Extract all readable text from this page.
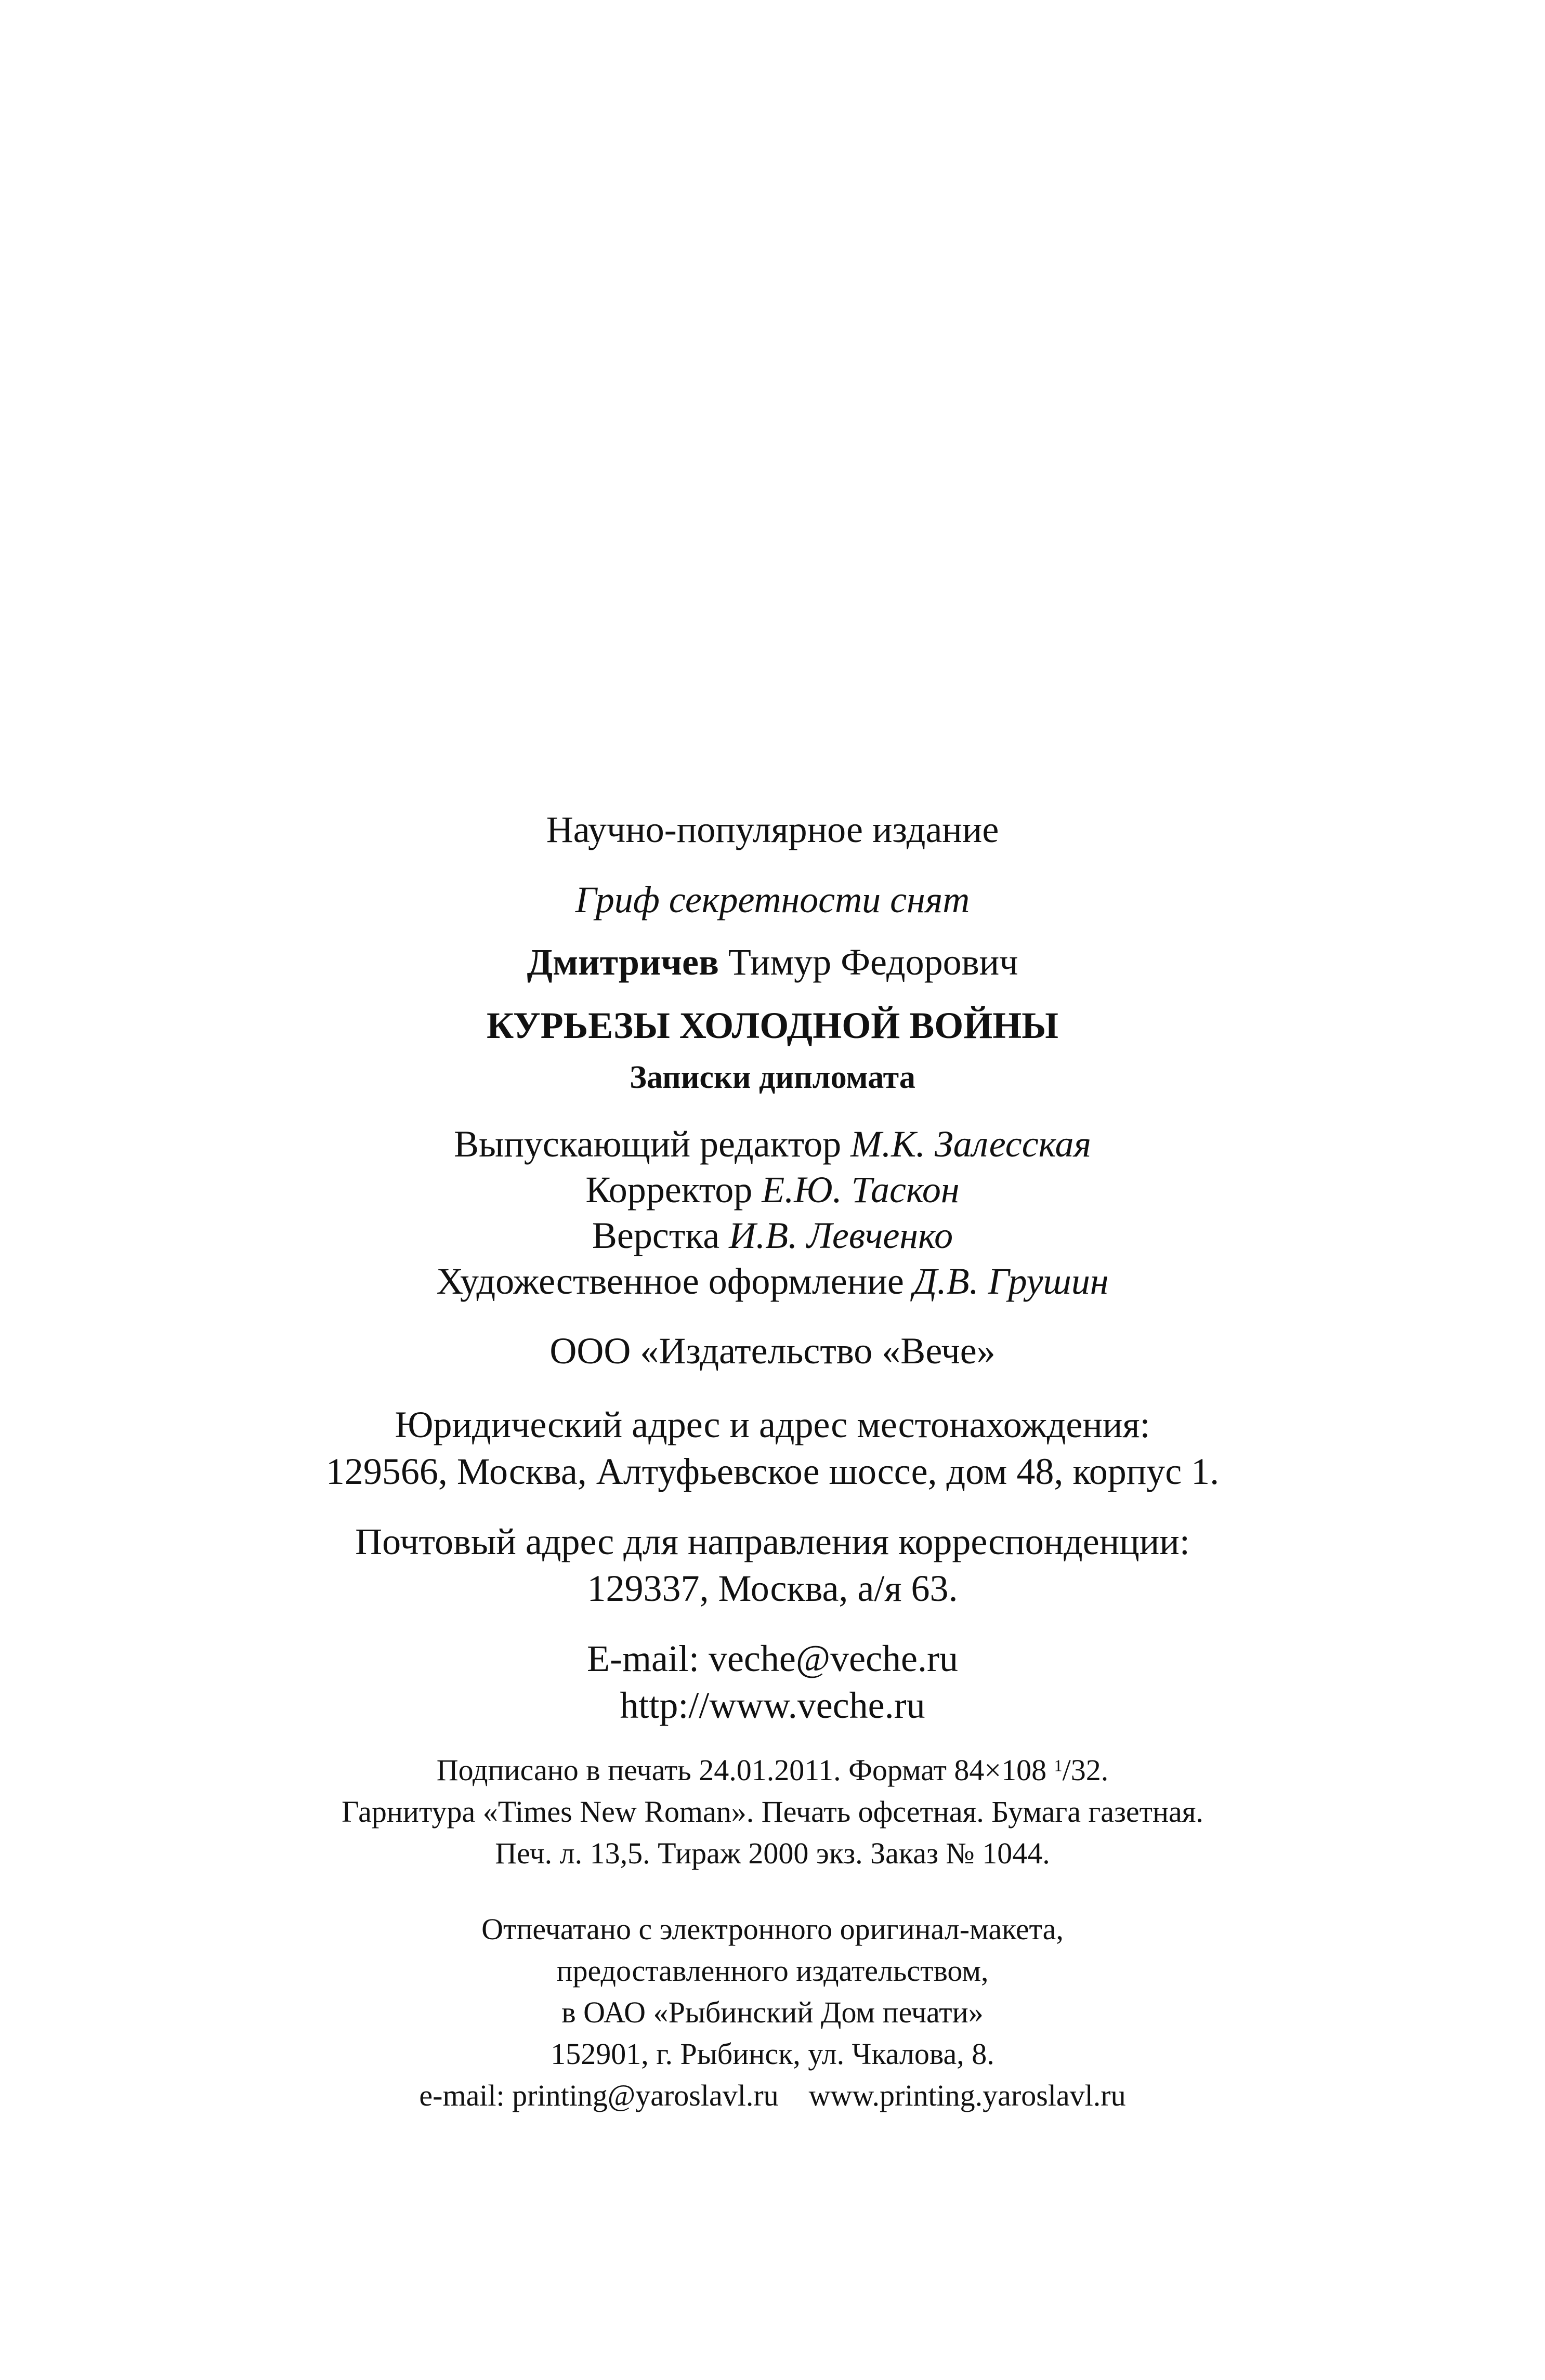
Научно-популярное издание
Гриф секретности снят
Дмитричев Тимур Федорович
КУРЬЕЗЫ ХОЛОДНОЙ ВОЙНЫ
Записки дипломата
Выпускающий редактор М.К. Залесская
Корректор Е.Ю. Таскон
Верстка И.В. Левченко
Художественное оформление Д.В. Грушин
ООО «Издательство «Вече»
Юридический адрес и адрес местонахождения:
129566, Москва, Алтуфьевское шоссе, дом 48, корпус 1.
Почтовый адрес для направления корреспонденции:
129337, Москва, а/я 63.
E-mail: veche@veche.ru
http://www.veche.ru
Подписано в печать 24.01.2011. Формат 84×108 $^1$/32.
Гарнитура «Times New Roman». Печать офсетная. Бумага газетная.
Печ. л. 13,5. Тираж 2000 экз. Заказ № 1044.
Отпечатано с электронного оригинал-макета,
предоставленного издательством,
в ОАО «Рыбинский Дом печати»
152901, г. Рыбинск, ул. Чкалова, 8.
e-mail: printing@yaroslavl.ru    www.printing.yaroslavl.ru
